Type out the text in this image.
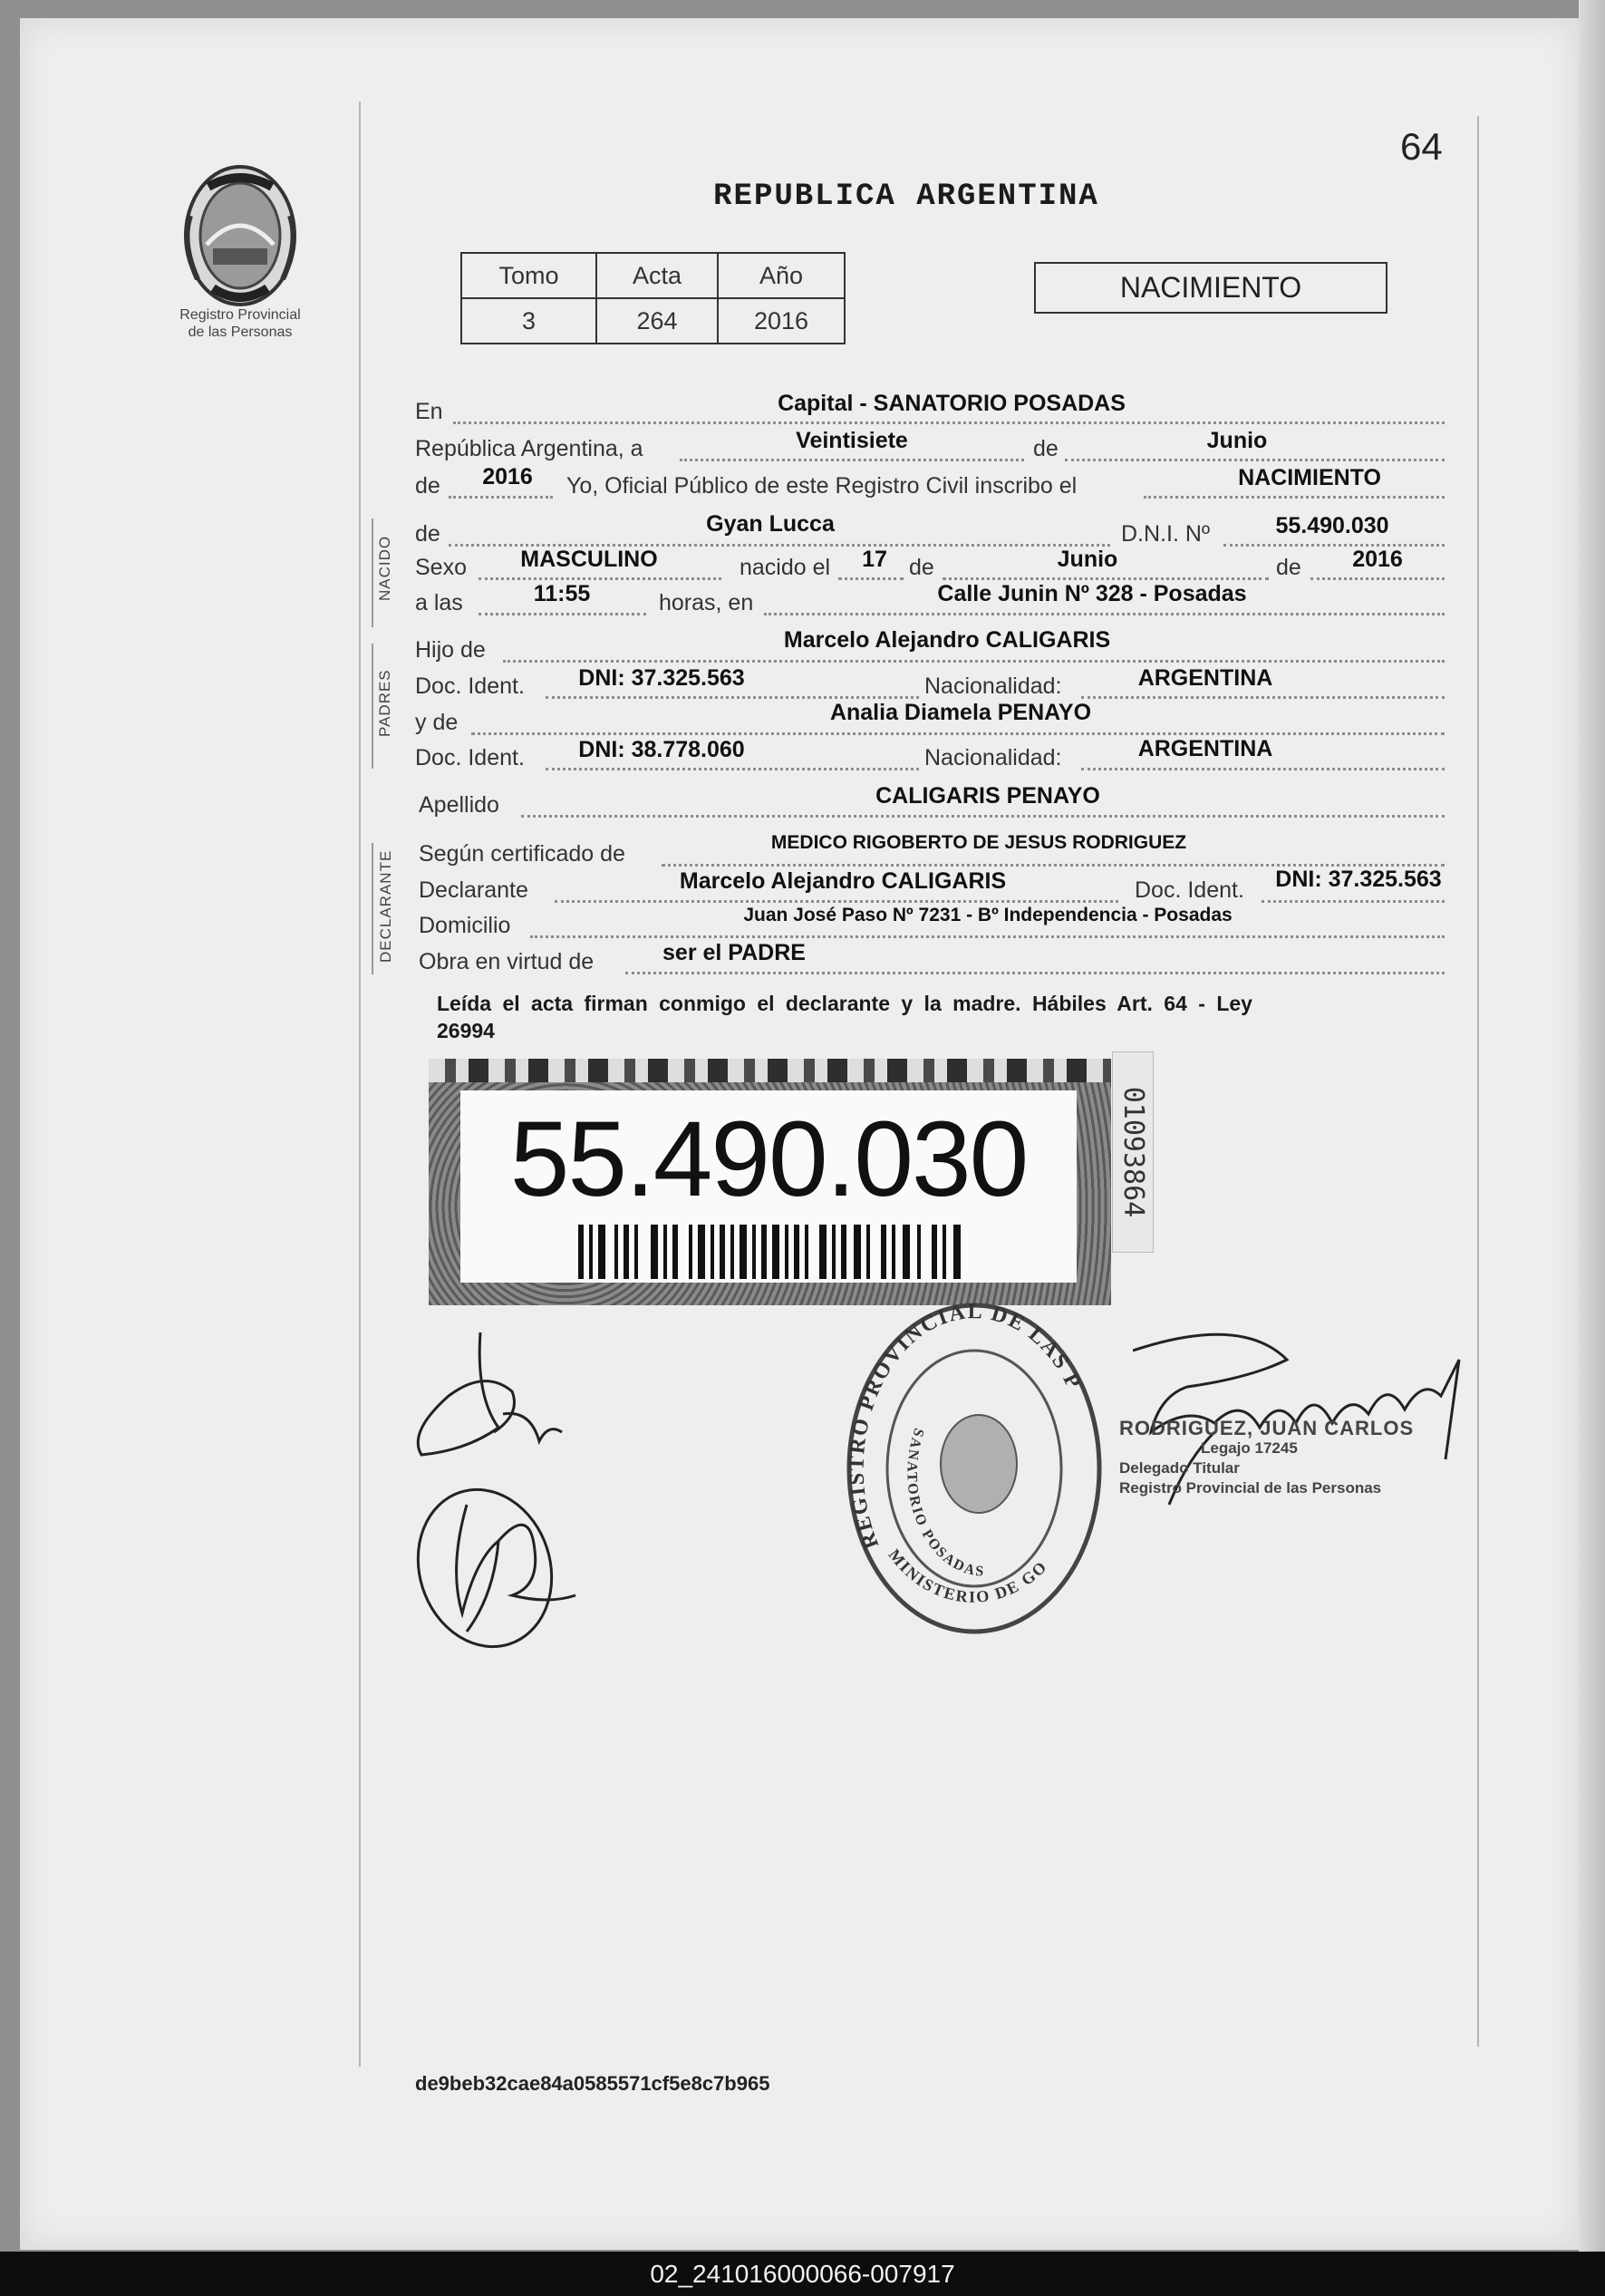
64
Registro Provincial
de las Personas
REPUBLICA ARGENTINA
Tomo	Acta	Año
3	264	2016
NACIMIENTO
NACIDO
PADRES
DECLARANTE
En	Capital - SANATORIO POSADAS
República Argentina, a	Veintisiete	de	Junio
de	2016	Yo, Oficial Público de este Registro Civil inscribo el	NACIMIENTO
de	Gyan Lucca	D.N.I. Nº	55.490.030
Sexo	MASCULINO	nacido el	17 de	Junio	de	2016
a las	11:55	horas, en	Calle Junin Nº 328 - Posadas
Hijo de	Marcelo Alejandro CALIGARIS
Doc. Ident.	DNI: 37.325.563	Nacionalidad:	ARGENTINA
y de	Analia Diamela PENAYO
Doc. Ident.	DNI: 38.778.060	Nacionalidad:	ARGENTINA
Apellido	CALIGARIS PENAYO
Según certificado de	MEDICO RIGOBERTO DE JESUS RODRIGUEZ
Declarante	Marcelo Alejandro CALIGARIS	Doc. Ident.	DNI: 37.325.563
Domicilio	Juan José Paso Nº 7231 - Bº Independencia - Posadas
Obra en virtud de	ser el PADRE
Leída el acta firman conmigo el declarante y la madre. Hábiles Art. 64 - Ley
26994
55.490.030	01093864
REGISTRO PROVINCIAL DE LAS P
SANATORIO POSADAS
MINISTERIO DE GO
RODRIGUEZ, JUAN CARLOS
Legajo 17245
Delegado Titular
Registro Provincial de las Personas
de9beb32cae84a0585571cf5e8c7b965
02_241016000066-007917
